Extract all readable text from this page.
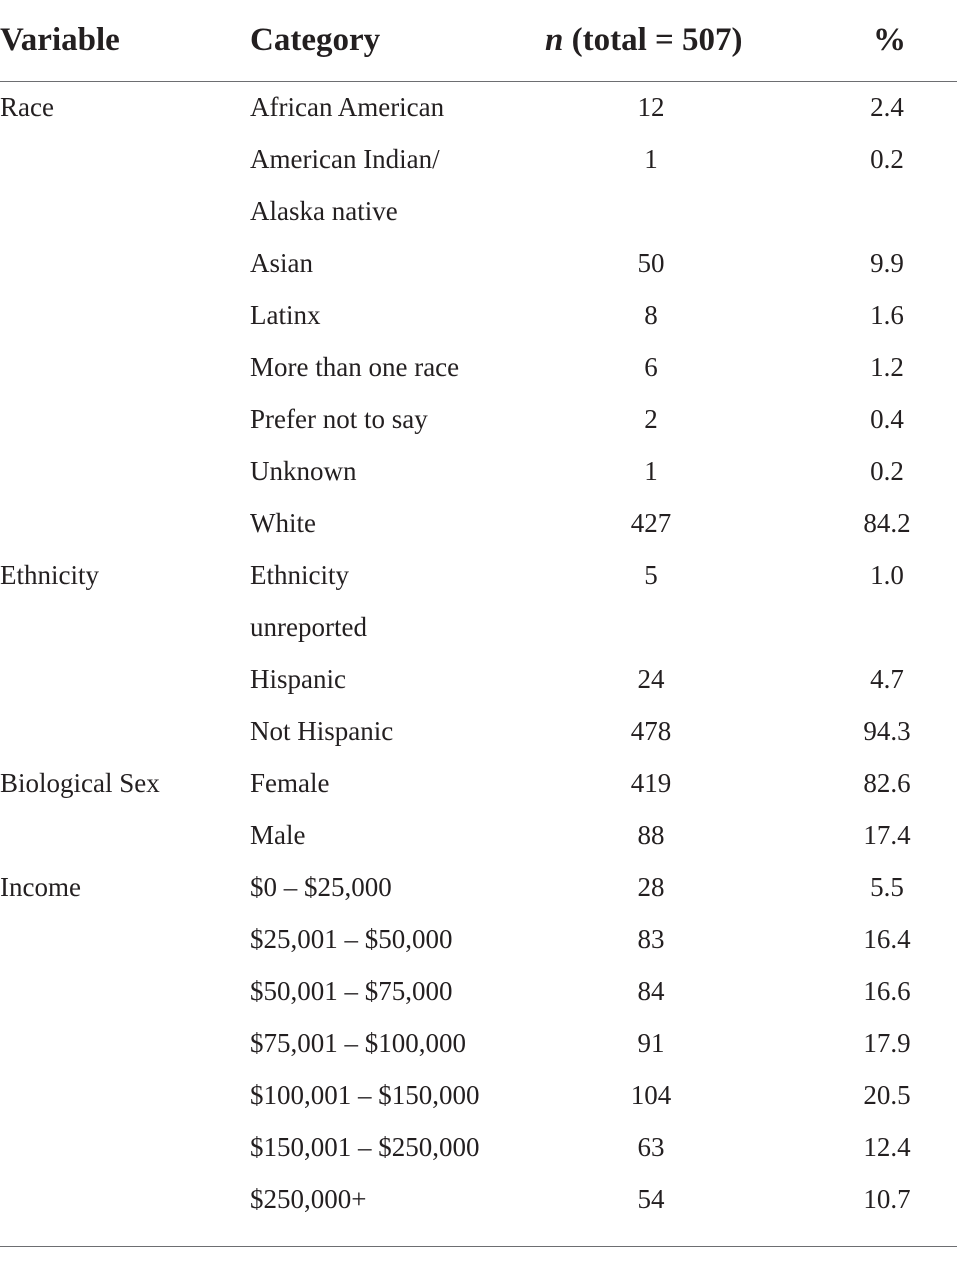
Variable	Category	n (total = 507)	%
Race	African American	12	2.4
American Indian/
Alaska native
1	0.2
Asian	50	9.9
Latinx	8	1.6
More than one race	6	1.2
Prefer not to say	2	0.4
Unknown	1	0.2
White	427	84.2
Ethnicity	Ethnicity
unreported
5	1.0
Hispanic	24	4.7
Not Hispanic	478	94.3
Biological Sex	Female	419	82.6
Male	88	17.4
Income	$0 – $25,000	28	5.5
$25,001 – $50,000	83	16.4
$50,001 – $75,000	84	16.6
$75,001 – $100,000	91	17.9
$100,001 – $150,000	104	20.5
$150,001 – $250,000	63	12.4
$250,000+	54	10.7
